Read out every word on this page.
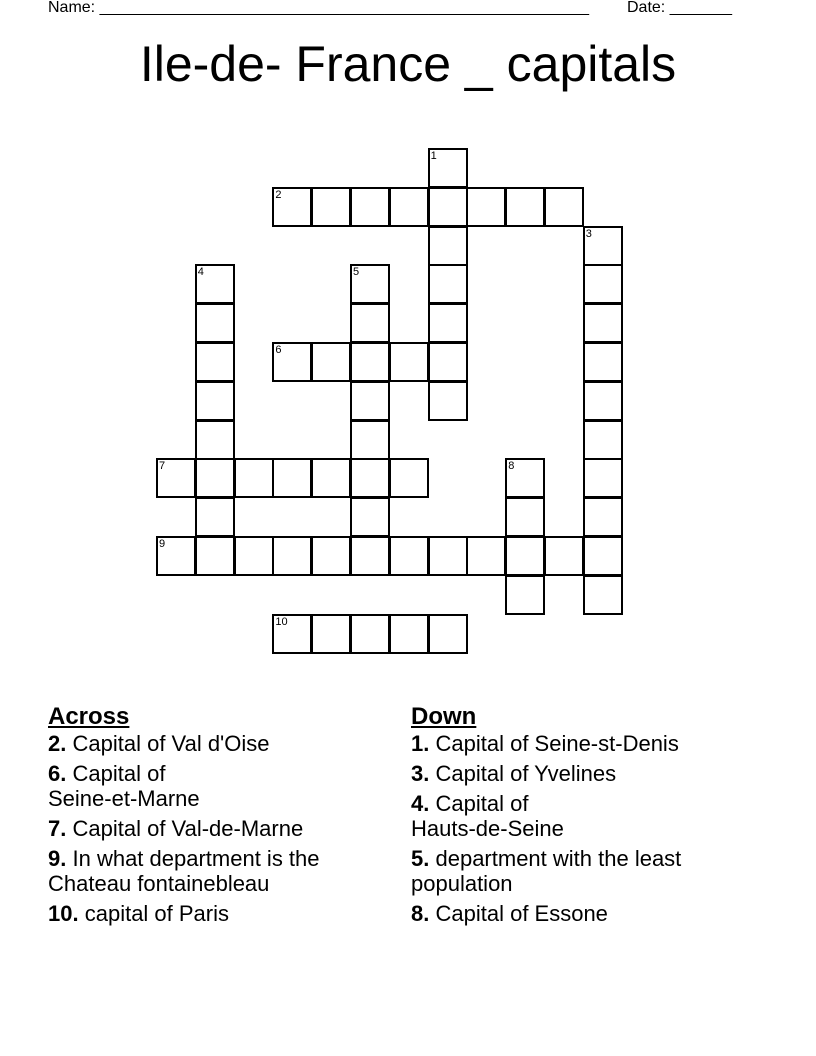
Name: _______________________________________________________ Date: _______
Ile-de- France _ capitals
2
6
7
9
10
1
3
4	5
8
Across
2. Capital of Val d'Oise
6. Capital of Seine-et-Marne
7. Capital of Val-de-Marne
9. In what department is the Chateau fontainebleau
10. capital of Paris
Down
1. Capital of Seine-st-Denis
3. Capital of Yvelines
4. Capital of Hauts-de-Seine
5. department with the least population
8. Capital of Essone
